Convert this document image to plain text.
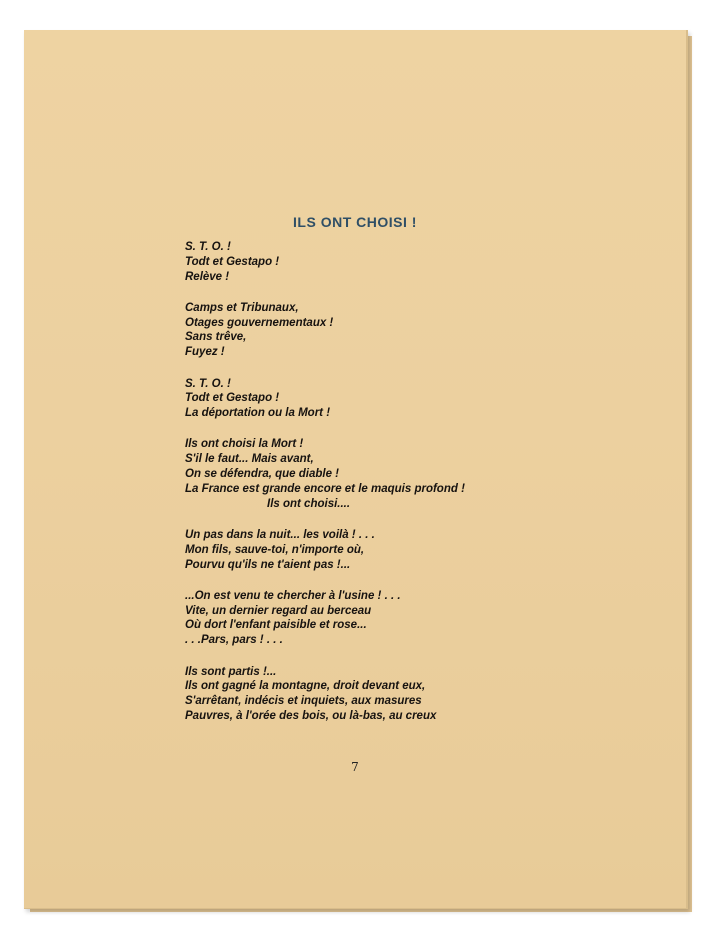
ILS ONT CHOISI !
S. T. O. !
Todt et Gestapo !
Relève !
Camps et Tribunaux,
Otages gouvernementaux !
Sans trêve,
Fuyez !
S. T. O. !
Todt et Gestapo !
La déportation ou la Mort !
Ils ont choisi la Mort !
S'il le faut... Mais avant,
On se défendra, que diable !
La France est grande encore et le maquis profond !
Ils ont choisi....
Un pas dans la nuit... les voilà ! . . .
Mon fils, sauve-toi, n'importe où,
Pourvu qu'ils ne t'aient pas !...
...On est venu te chercher à l'usine ! . . .
Vite, un dernier regard au berceau
Où dort l'enfant paisible et rose...
. . .Pars, pars ! . . .
Ils sont partis !...
Ils ont gagné la montagne, droit devant eux,
S'arrêtant, indécis et inquiets, aux masures
Pauvres, à l'orée des bois, ou là-bas, au creux
7
